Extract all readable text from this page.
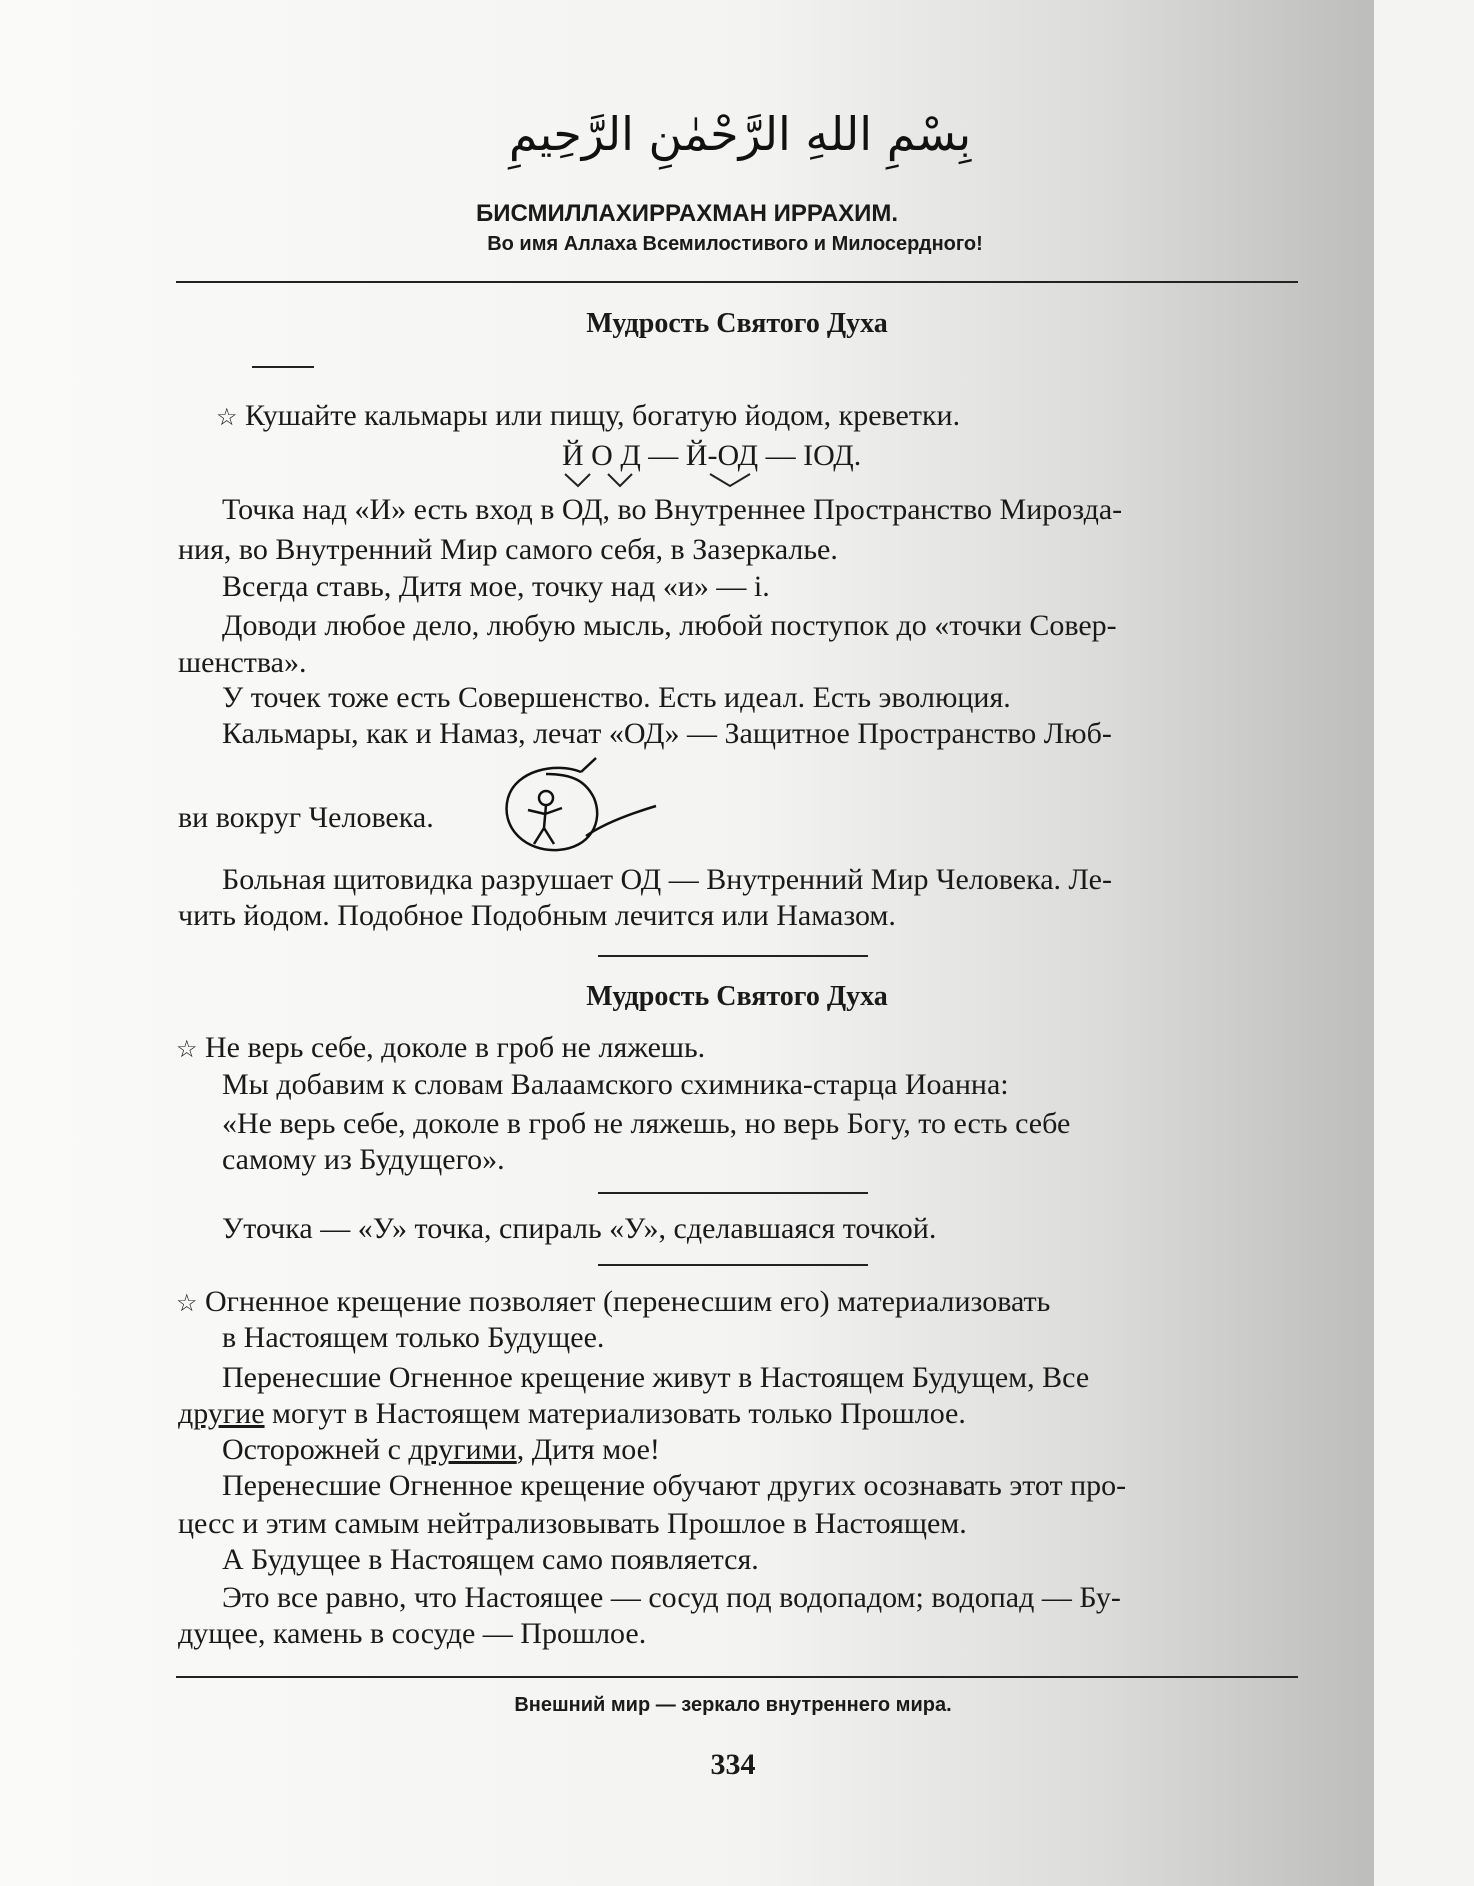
بِسْمِ اللهِ الرَّحْمٰنِ الرَّحِيمِ
БИСМИЛЛАХИРРАХМАН ИРРАХИМ.
Во имя Аллаха Всемилостивого и Милосердного!
Мудрость Святого Духа
☆ Кушайте кальмары или пищу, богатую йодом, креветки.
Й О Д — Й-ОД — ІОД.
Точка над «И» есть вход в ОД, во Внутреннее Пространство Мирозда-
ния, во Внутренний Мир самого себя, в Зазеркалье.
Всегда ставь, Дитя мое, точку над «и» — i.
Доводи любое дело, любую мысль, любой поступок до «точки Совер-
шенства».
У точек тоже есть Совершенство. Есть идеал. Есть эволюция.
Кальмары, как и Намаз, лечат «ОД» — Защитное Пространство Люб-
ви вокруг Человека.
Больная щитовидка разрушает ОД — Внутренний Мир Человека. Ле-
чить йодом. Подобное Подобным лечится или Намазом.
Мудрость Святого Духа
☆ Не верь себе, доколе в гроб не ляжешь.
Мы добавим к словам Валаамского схимника-старца Иоанна:
«Не верь себе, доколе в гроб не ляжешь, но верь Богу, то есть себе
самому из Будущего».
Уточка — «У» точка, спираль «У», сделавшаяся точкой.
☆ Огненное крещение позволяет (перенесшим его) материализовать
в Настоящем только Будущее.
Перенесшие Огненное крещение живут в Настоящем Будущем, Все
другие могут в Настоящем материализовать только Прошлое.
Осторожней с другими, Дитя мое!
Перенесшие Огненное крещение обучают других осознавать этот про-
цесс и этим самым нейтрализовывать Прошлое в Настоящем.
А Будущее в Настоящем само появляется.
Это все равно, что Настоящее — сосуд под водопадом; водопад — Бу-
дущее, камень в сосуде — Прошлое.
Внешний мир — зеркало внутреннего мира.
334
